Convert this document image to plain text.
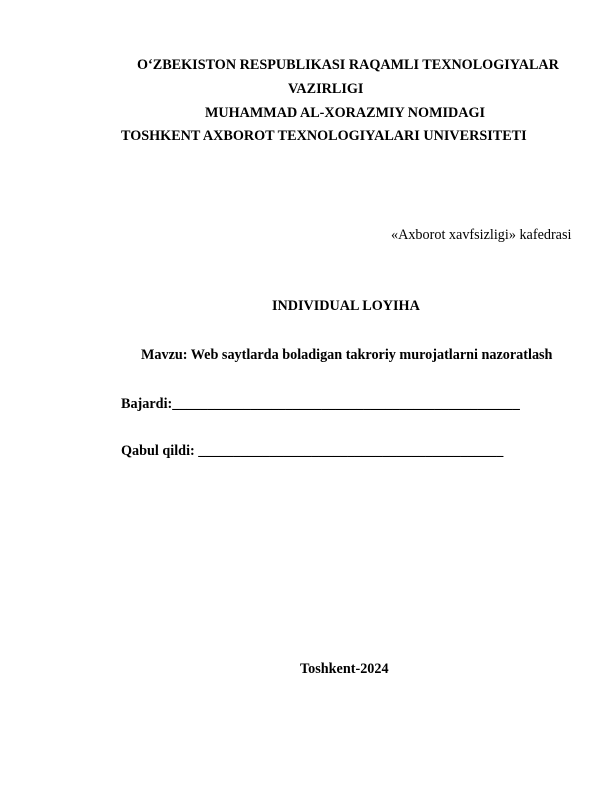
O‘ZBEKISTON RESPUBLIKASI RAQAMLI TEXNOLOGIYALAR
VAZIRLIGI
MUHAMMAD AL-XORAZMIY NOMIDAGI
TOSHKENT AXBOROT TEXNOLOGIYALARI UNIVERSITETI
«Axborot xavfsizligi» kafedrasi
INDIVIDUAL LOYIHA
Mavzu: Web saytlarda boladigan takroriy murojatlarni nazoratlash
Bajardi:_________________________________________________
Qabul qildi: ___________________________________________
Toshkent-2024
